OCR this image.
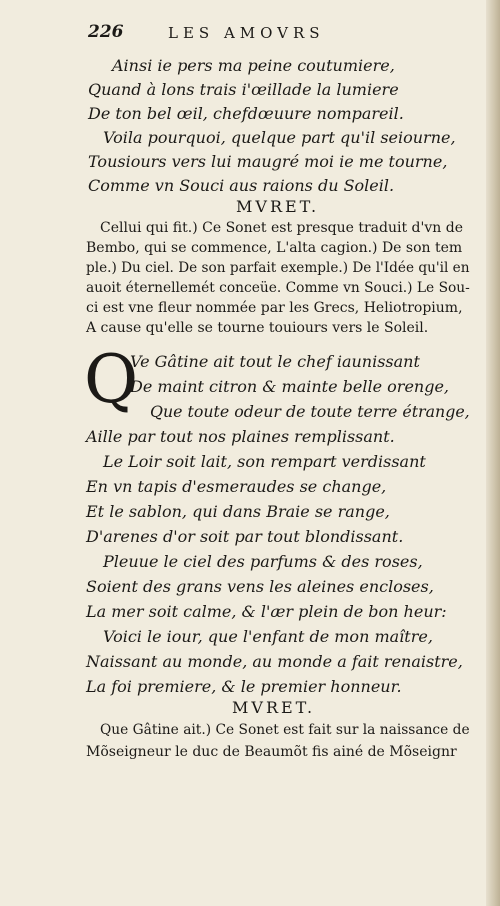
226	LES AMOVRS
Ainsi ie pers ma peine coutumiere,
Quand à lons trais i'œillade la lumiere
De ton bel œil, chefdœuure nompareil.
Voila pourquoi, quelque part qu'il seiourne,
Tousiours vers lui maugré moi ie me tourne,
Comme vn Souci aus raions du Soleil.
MVRET.
Cellui qui fit.) Ce Sonet est presque traduit d'vn de
Bembo, qui se commence, L'alta cagion.) De son tem
ple.) Du ciel. De son parfait exemple.) De l'Idée qu'il en
auoit éternellemét conceüe. Comme vn Souci.) Le Sou-
ci est vne fleur nommée par les Grecs, Heliotropium,
A cause qu'elle se tourne touiours vers le Soleil.
Q
Ve Gâtine ait tout le chef iaunissant
De maint citron & mainte belle orenge,
Que toute odeur de toute terre étrange,
Aille par tout nos plaines remplissant.
Le Loir soit lait, son rempart verdissant
En vn tapis d'esmeraudes se change,
Et le sablon, qui dans Braie se range,
D'arenes d'or soit par tout blondissant.
Pleuue le ciel des parfums & des roses,
Soient des grans vens les aleines encloses,
La mer soit calme, & l'ær plein de bon heur:
Voici le iour, que l'enfant de mon maître,
Naissant au monde, au monde a fait renaistre,
La foi premiere, & le premier honneur.
MVRET.
Que Gâtine ait.) Ce Sonet est fait sur la naissance de
Mõseigneur le duc de Beaumõt fis ainé de Mõseignr
